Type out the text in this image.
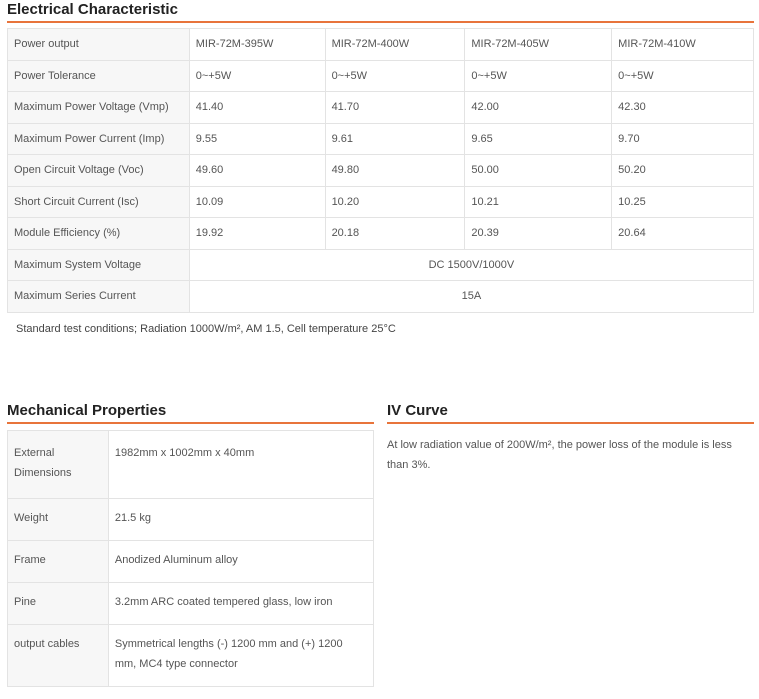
Electrical Characteristic
Power output	MIR-72M-395W	MIR-72M-400W	MIR-72M-405W	MIR-72M-410W
Power Tolerance	0~+5W	0~+5W	0~+5W	0~+5W
Maximum Power Voltage (Vmp)	41.40	41.70	42.00	42.30
Maximum Power Current (Imp)	9.55	9.61	9.65	9.70
Open Circuit Voltage (Voc)	49.60	49.80	50.00	50.20
Short Circuit Current (Isc)	10.09	10.20	10.21	10.25
Module Efficiency (%)	19.92	20.18	20.39	20.64
Maximum System Voltage	DC 1500V/1000V			
Maximum Series Current	15A			
Standard test conditions; Radiation 1000W/m², AM 1.5, Cell temperature 25°C
Mechanical Properties
External Dimensions	1982mm x 1002mm x 40mm
Weight	21.5 kg
Frame	Anodized Aluminum alloy
Pine	3.2mm ARC coated tempered glass, low iron
output cables	Symmetrical lengths (-) 1200 mm and (+) 1200 mm, MC4 type connector
IV Curve
At low radiation value of 200W/m², the power loss of the module is less than 3%.
